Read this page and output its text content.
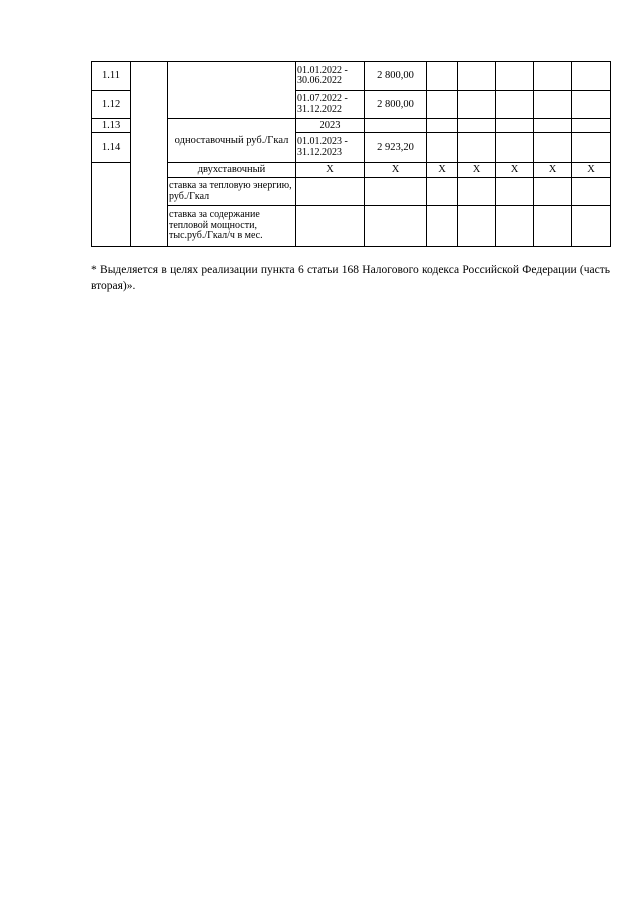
1.11			01.01.2022 - 30.06.2022	2 800,00					
1.12			01.07.2022 - 31.12.2022	2 800,00					
1.13		одноставочный руб./Гкал	2023						
1.14			01.01.2023 - 31.12.2023	2 923,20					
		двухставочный	Х	Х	Х	Х	Х	Х	Х
		ставка за тепловую энергию, руб./Гкал							
		ставка за содержание тепловой мощности, тыс.руб./Гкал/ч в мес.							
* Выделяется в целях реализации пункта 6 статьи 168 Налогового кодекса Российской Федерации (часть вторая)».
